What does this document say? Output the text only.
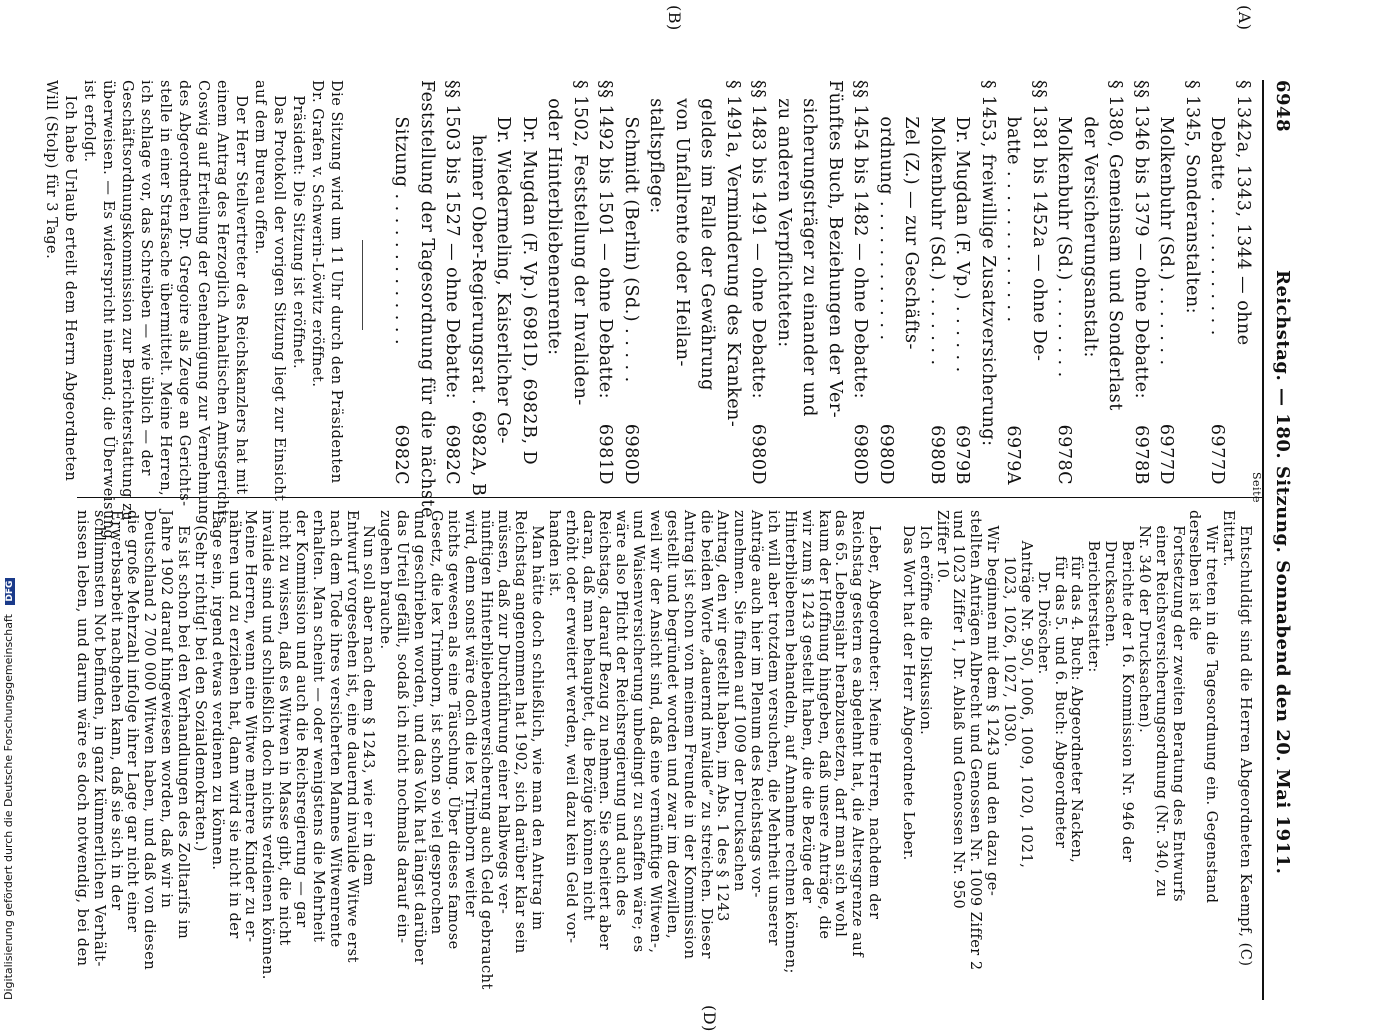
6948
Reichstag. — 180. Sitzung. Sonnabend den 20. Mai 1911.
(A)
(B)
(D)
Seite
§ 1342a, 1343, 1344 — ohne
Debatte . . . . . . . . . . . .
6977D
§ 1345, Sonderanstalten:
Molkenbuhr (Sd.) . . . . . . .
6977D
§§ 1346 bis 1379 — ohne Debatte:
6978B
§ 1380, Gemeinsam und Sonderlast
der Versicherungsanstalt:
Molkenbuhr (Sd.) . . . . . . . .
6978C
§§ 1381 bis 1452a — ohne De-
batte . . . . . . . . . . . . .
6979A
§ 1453, freiwillige Zusatzversicherung:
Dr. Mugdan (F. Vp.) . . . . . .
6979B
Molkenbuhr (Sd.) . . . . . . .
6980B
Zel (Z.) — zur Geschäfts-
ordnung . . . . . . . . . . . .
6980D
§§ 1454 bis 1482 — ohne Debatte:
6980D
Fünftes Buch, Beziehungen der Ver-
sicherungsträger zu einander und
zu anderen Verpflichteten:
§§ 1483 bis 1491 — ohne Debatte:
6980D
§ 1491a, Verminderung des Kranken-
geldes im Falle der Gewährung
von Unfallrente oder Heilan-
staltspflege:
Schmidt (Berlin) (Sd.) . . . . .
6980D
§§ 1492 bis 1501 — ohne Debatte:
6981D
§ 1502, Feststellung der Invaliden-
oder Hinterbliebenenrente:
Dr. Mugdan (F. Vp.) 6981D, 6982B, D
Dr. Wiedermeling, Kaiserlicher Ge-
heimer Ober-Regierungsrat . 6982A, B
§§ 1503 bis 1527 — ohne Debatte:
6982C
Feststellung der Tagesordnung für die nächste
Sitzung . . . . . . . . . . . . .
6982C
Die Sitzung wird um 11 Uhr durch den Präsidenten
Dr. Grafen v. Schwerin-Löwitz eröffnet.
Präsident: Die Sitzung ist eröffnet.
Das Protokoll der vorigen Sitzung liegt zur Einsicht
auf dem Bureau offen.
Der Herr Stellvertreter des Reichskanzlers hat mit
einem Antrag des Herzoglich Anhaltischen Amtsgerichts
Coswig auf Erteilung der Genehmigung zur Vernehmung
des Abgeordneten Dr. Gregoire als Zeuge an Gerichts-
stelle in einer Strafsache übermittelt. Meine Herren,
ich schlage vor, das Schreiben — wie üblich — der
Geschäftsordnungskommission zur Berichterstattung zu
überweisen. — Es widerspricht niemand; die Überweisung
ist erfolgt.
Ich habe Urlaub erteilt dem Herrn Abgeordneten
Will (Stolp) für 3 Tage.
Entschuldigt sind die Herren Abgeordneten Kaempf, (C)
Eittart.
Wir treten in die Tagesordnung ein. Gegenstand
derselben ist die
Fortsetzung der zweiten Beratung des Entwurfs
einer Reichsversicherungsordnung (Nr. 340, zu
Nr. 340 der Drucksachen).
Berichte der 16. Kommission Nr. 946 der
Drucksachen.
Berichterstatter:
für das 4. Buch: Abgeordneter Nacken,
für das 5. und 6. Buch: Abgeordneter
Dr. Dröscher.
Anträge Nr. 950, 1006, 1009, 1020, 1021,
1023, 1026, 1027, 1030.
Wir beginnen mit dem § 1243 und den dazu ge-
stellten Anträgen Albrecht und Genossen Nr. 1009 Ziffer 2
und 1023 Ziffer 1, Dr. Ablaß und Genossen Nr. 950
Ziffer 10.
Ich eröffne die Diskussion.
Das Wort hat der Herr Abgeordnete Leber.
Leber, Abgeordneter: Meine Herren, nachdem der
Reichstag gestern es abgelehnt hat, die Altersgrenze auf
das 65. Lebensjahr herabzusetzen, darf man sich wohl
kaum der Hoffnung hingeben, daß unsere Anträge, die
wir zum § 1243 gestellt haben, die die Bezüge der
Hinterbliebenen behandeln, auf Annahme rechnen können;
ich will aber trotzdem versuchen, die Mehrheit unserer
Anträge auch hier im Plenum des Reichstags vor-
zunehmen. Sie finden auf 1009 der Drucksachen
Antrag, den wir gestellt haben, im Abs. 1 des § 1243
die beiden Worte „dauernd invalide“ zu streichen. Dieser
Antrag ist schon von meinem Freunde in der Kommission
gestellt und begründet worden und zwar im dezwillen,
weil wir der Ansicht sind, daß eine vernünftige Witwen-,
und Waisenversicherung unbedingt zu schaffen wäre; es
wäre also Pflicht der Reichsregierung und auch des
Reichstags, darauf Bezug zu nehmen. Sie scheitert aber
daran, daß man behauptet, die Bezüge können nicht
erhöht oder erweitert werden, weil dazu kein Geld vor-
handen ist.
Man hätte doch schließlich, wie man den Antrag im
Reichstag angenommen hat 1902, sich darüber klar sein
müssen, daß zur Durchführung einer halbwegs ver-
nünftigen Hinterbliebenenversicherung auch Geld gebraucht
wird, denn sonst wäre doch die lex Trimborn weiter
nichts gewesen als eine Täuschung. Über dieses famose
Gesetz, die lex Trimborn, ist schon so viel gesprochen
und geschrieben worden, und das Volk hat längst darüber
das Urteil gefällt, sodaß ich nicht nochmals darauf ein-
zugehen brauche.
Nun soll aber nach dem § 1243, wie er in dem
Entwurf vorgesehen ist, eine dauernd invalide Witwe erst
nach dem Tode ihres versicherten Mannes Witwenrente
erhalten. Man scheint — oder wenigstens die Mehrheit
der Kommission und auch die Reichsregierung — gar
nicht zu wissen, daß es Witwen in Masse gibt, die nicht
invalide sind und schließlich doch nichts verdienen können.
Meine Herren, wenn eine Witwe mehrere Kinder zu er-
nähren und zu erziehen hat, dann wird sie nicht in der
Lage sein, irgend etwas verdienen zu können.
(Sehr richtig! bei den Sozialdemokraten.)
Es ist schon bei den Verhandlungen des Zolltarifs im
Jahre 1902 darauf hingewiesen worden, daß wir in
Deutschland 2 700 000 Witwen haben, und daß von diesen
die große Mehrzahl infolge ihrer Lage gar nicht einer
Erwerbsarbeit nachgehen kann, daß sie sich in der
schlimmsten Not befinden, in ganz kümmerlichen Verhält-
nissen leben, und darum wäre es doch notwendig, bei den
Digitalisierung gefördert durch die Deutsche Forschungsgemeinschaft DFG
